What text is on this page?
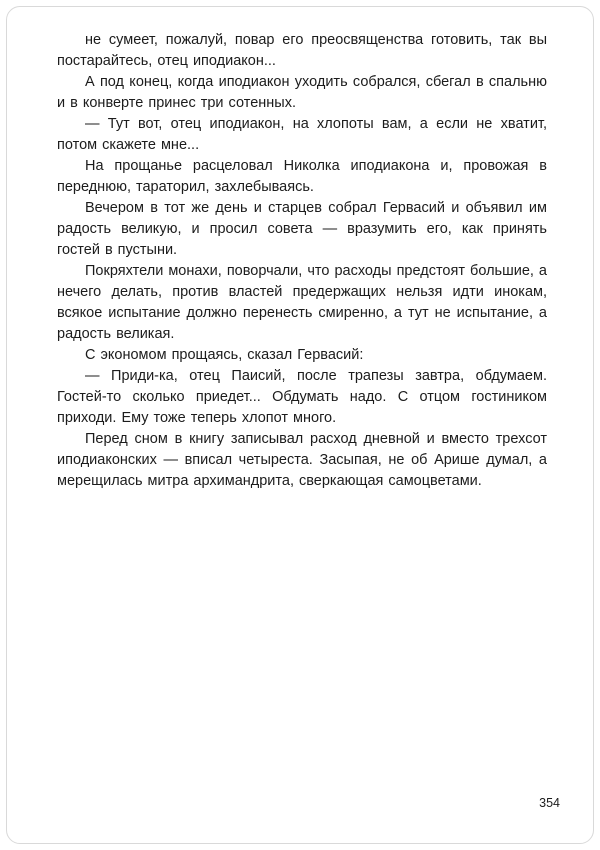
не сумеет, пожалуй, повар его преосвященства готовить, так вы постарайтесь, отец иподиакон...

А под конец, когда иподиакон уходить собрался, сбегал в спальню и в конверте принес три сотенных.

— Тут вот, отец иподиакон, на хлопоты вам, а если не хватит, потом скажете мне...

На прощанье расцеловал Николка иподиакона и, провожая в переднюю, тараторил, захлебываясь.

Вечером в тот же день и старцев собрал Гервасий и объявил им радость великую, и просил совета — вразумить его, как принять гостей в пустыни.

Покряхтели монахи, поворчали, что расходы предстоят большие, а нечего делать, против властей предержащих нельзя идти инокам, всякое испытание должно перенесть смиренно, а тут не испытание, а радость великая.

С экономом прощаясь, сказал Гервасий:

— Приди-ка, отец Паисий, после трапезы завтра, обдумаем. Гостей-то сколько приедет... Обдумать надо. С отцом гостиником приходи. Ему тоже теперь хлопот много.

Перед сном в книгу записывал расход дневной и вместо трехсот иподиаконских — вписал четыреста. Засыпая, не об Арише думал, а мерещилась митра архимандрита, сверкающая самоцветами.

354
